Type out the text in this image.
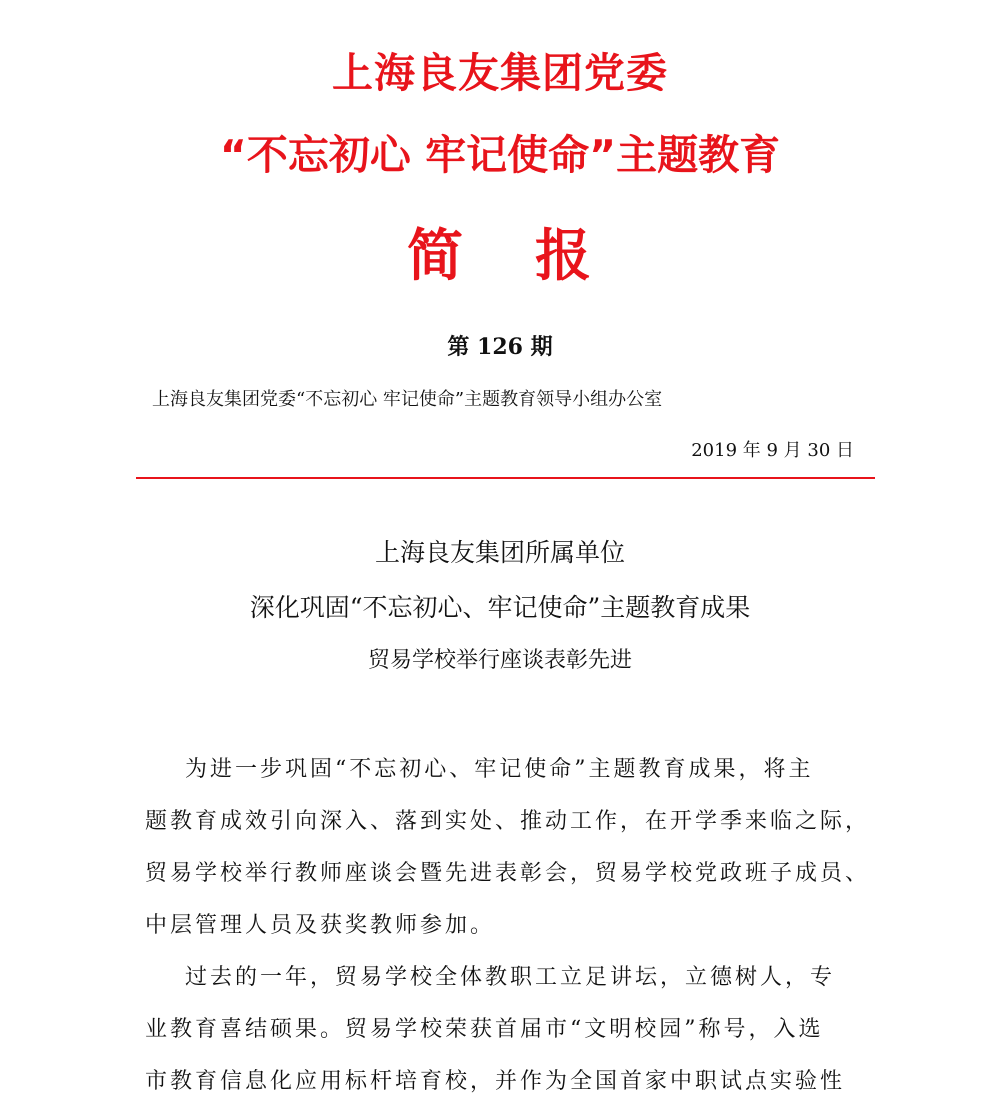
上海良友集团党委
“不忘初心 牢记使命”主题教育
简 报
第 126 期
上海良友集团党委“不忘初心 牢记使命”主题教育领导小组办公室
2019 年 9 月 30 日
上海良友集团所属单位
深化巩固“不忘初心、牢记使命”主题教育成果
贸易学校举行座谈表彰先进
为进一步巩固“不忘初心、牢记使命”主题教育成果，将主
题教育成效引向深入、落到实处、推动工作，在开学季来临之际，
贸易学校举行教师座谈会暨先进表彰会，贸易学校党政班子成员、
中层管理人员及获奖教师参加。
过去的一年，贸易学校全体教职工立足讲坛，立德树人，专
业教育喜结硕果。贸易学校荣获首届市“文明校园”称号，入选
市教育信息化应用标杆培育校，并作为全国首家中职试点实验性
